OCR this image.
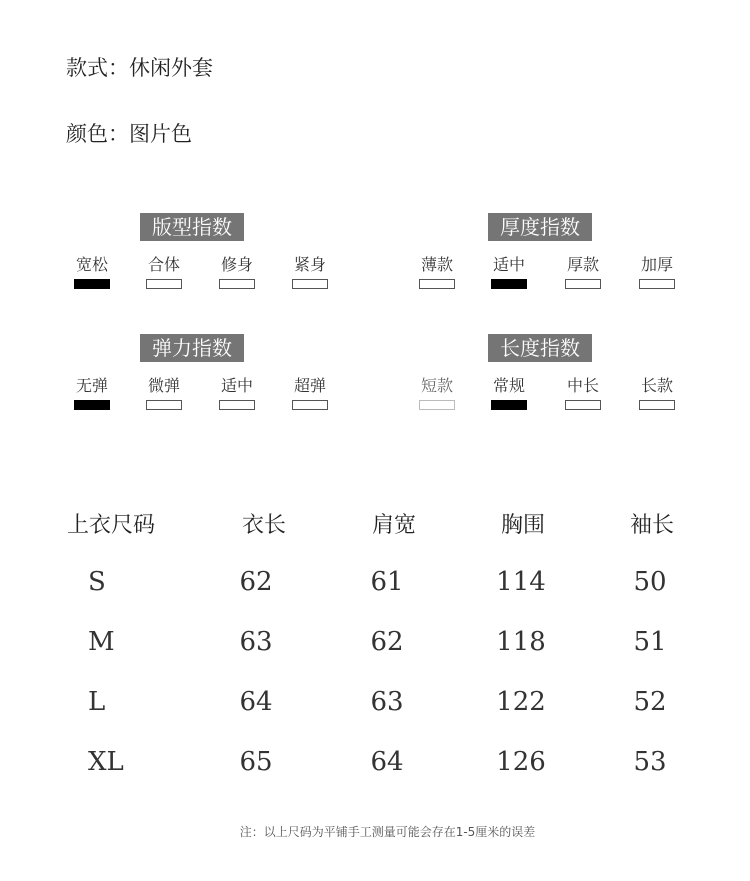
款式：休闲外套
颜色：图片色
版型指数
宽松	合体	修身	紧身
厚度指数
薄款	适中	厚款	加厚
弹力指数
无弹	微弹	适中	超弹
长度指数
短款	常规	中长	长款
上衣尺码	衣长	肩宽	胸围	袖长
S	62	61	114	50
M	63	62	118	51
L	64	63	122	52
XL	65	64	126	53
注：以上尺码为平铺手工测量可能会存在1-5厘米的误差
